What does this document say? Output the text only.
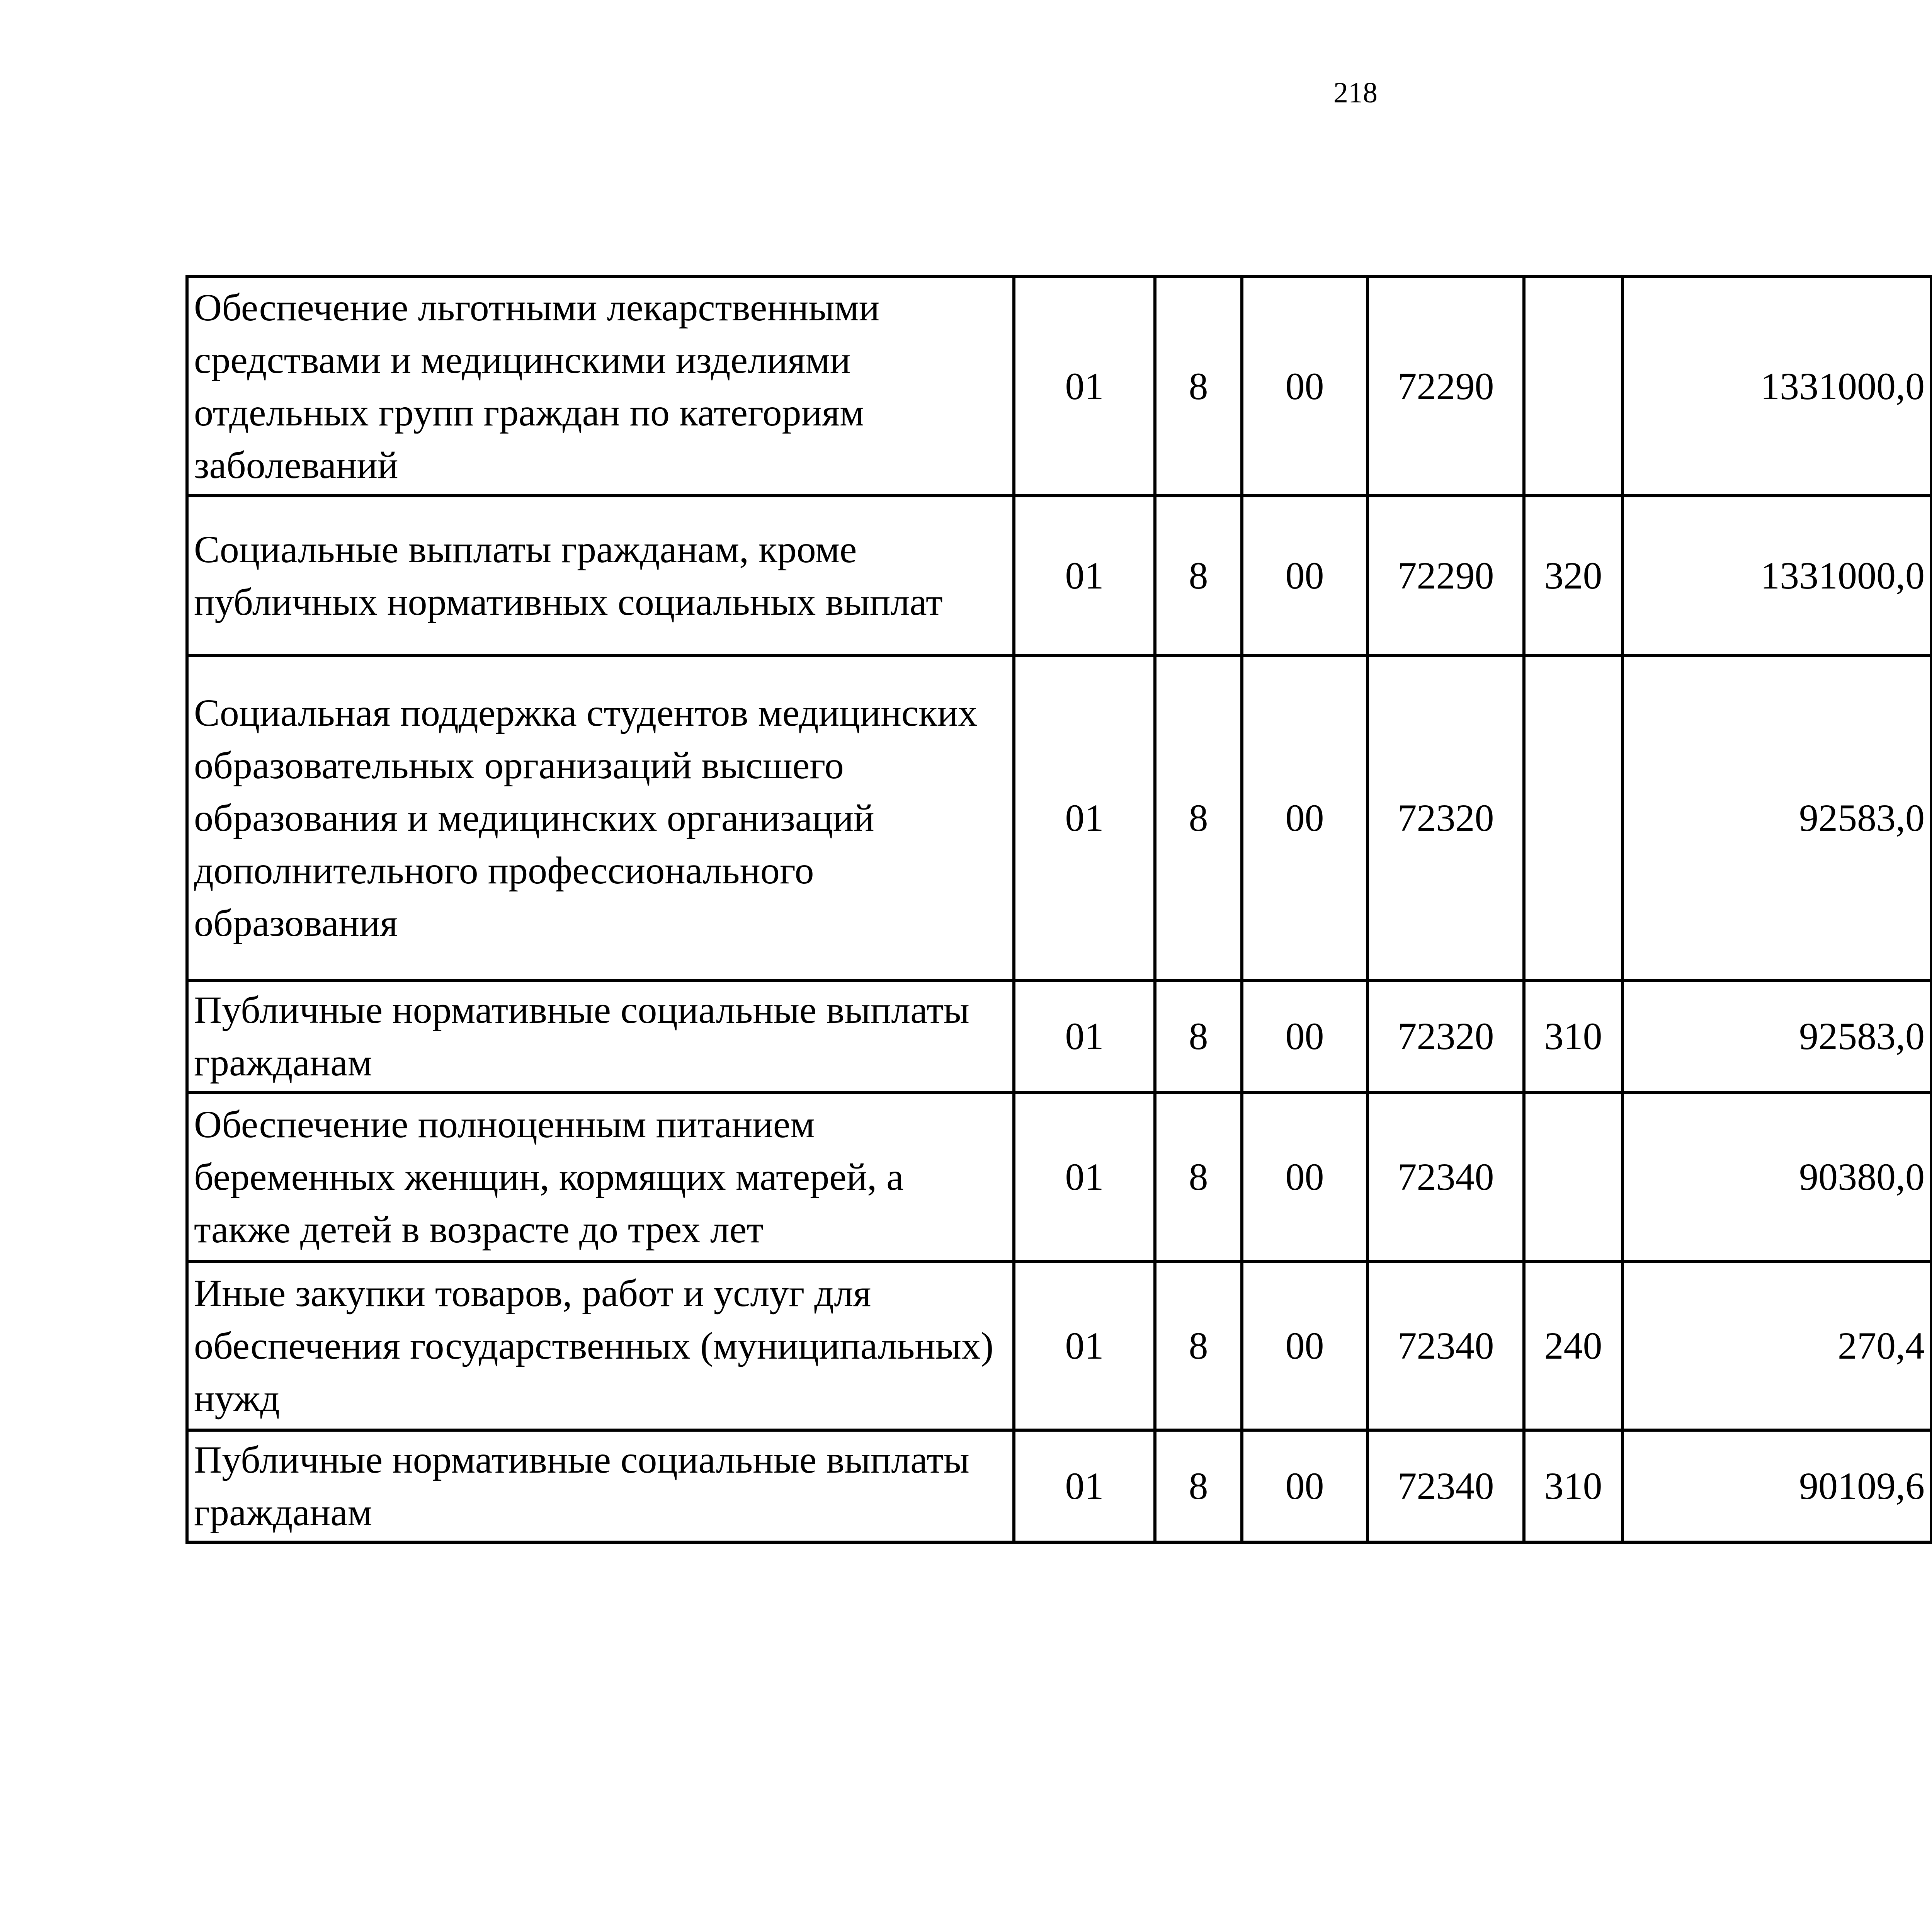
218
Обеспечение льготными лекарственными средствами и медицинскими изделиями отдельных групп граждан по категориям заболеваний	01	8	00	72290		1331000,0		
Социальные выплаты гражданам, кроме публичных нормативных социальных выплат	01	8	00	72290	320	1331000,0		
Социальная поддержка студентов медицинских образовательных организаций высшего образования и медицинских организаций дополнительного профессионального образования	01	8	00	72320		92583,0		
Публичные нормативные социальные выплаты гражданам	01	8	00	72320	310	92583,0		
Обеспечение полноценным питанием беременных женщин, кормящих матерей, а также детей в возрасте до трех лет	01	8	00	72340		90380,0		
Иные закупки товаров, работ и услуг для обеспечения государственных (муниципальных) нужд	01	8	00	72340	240	270,4		
Публичные нормативные социальные выплаты гражданам	01	8	00	72340	310	90109,6		
